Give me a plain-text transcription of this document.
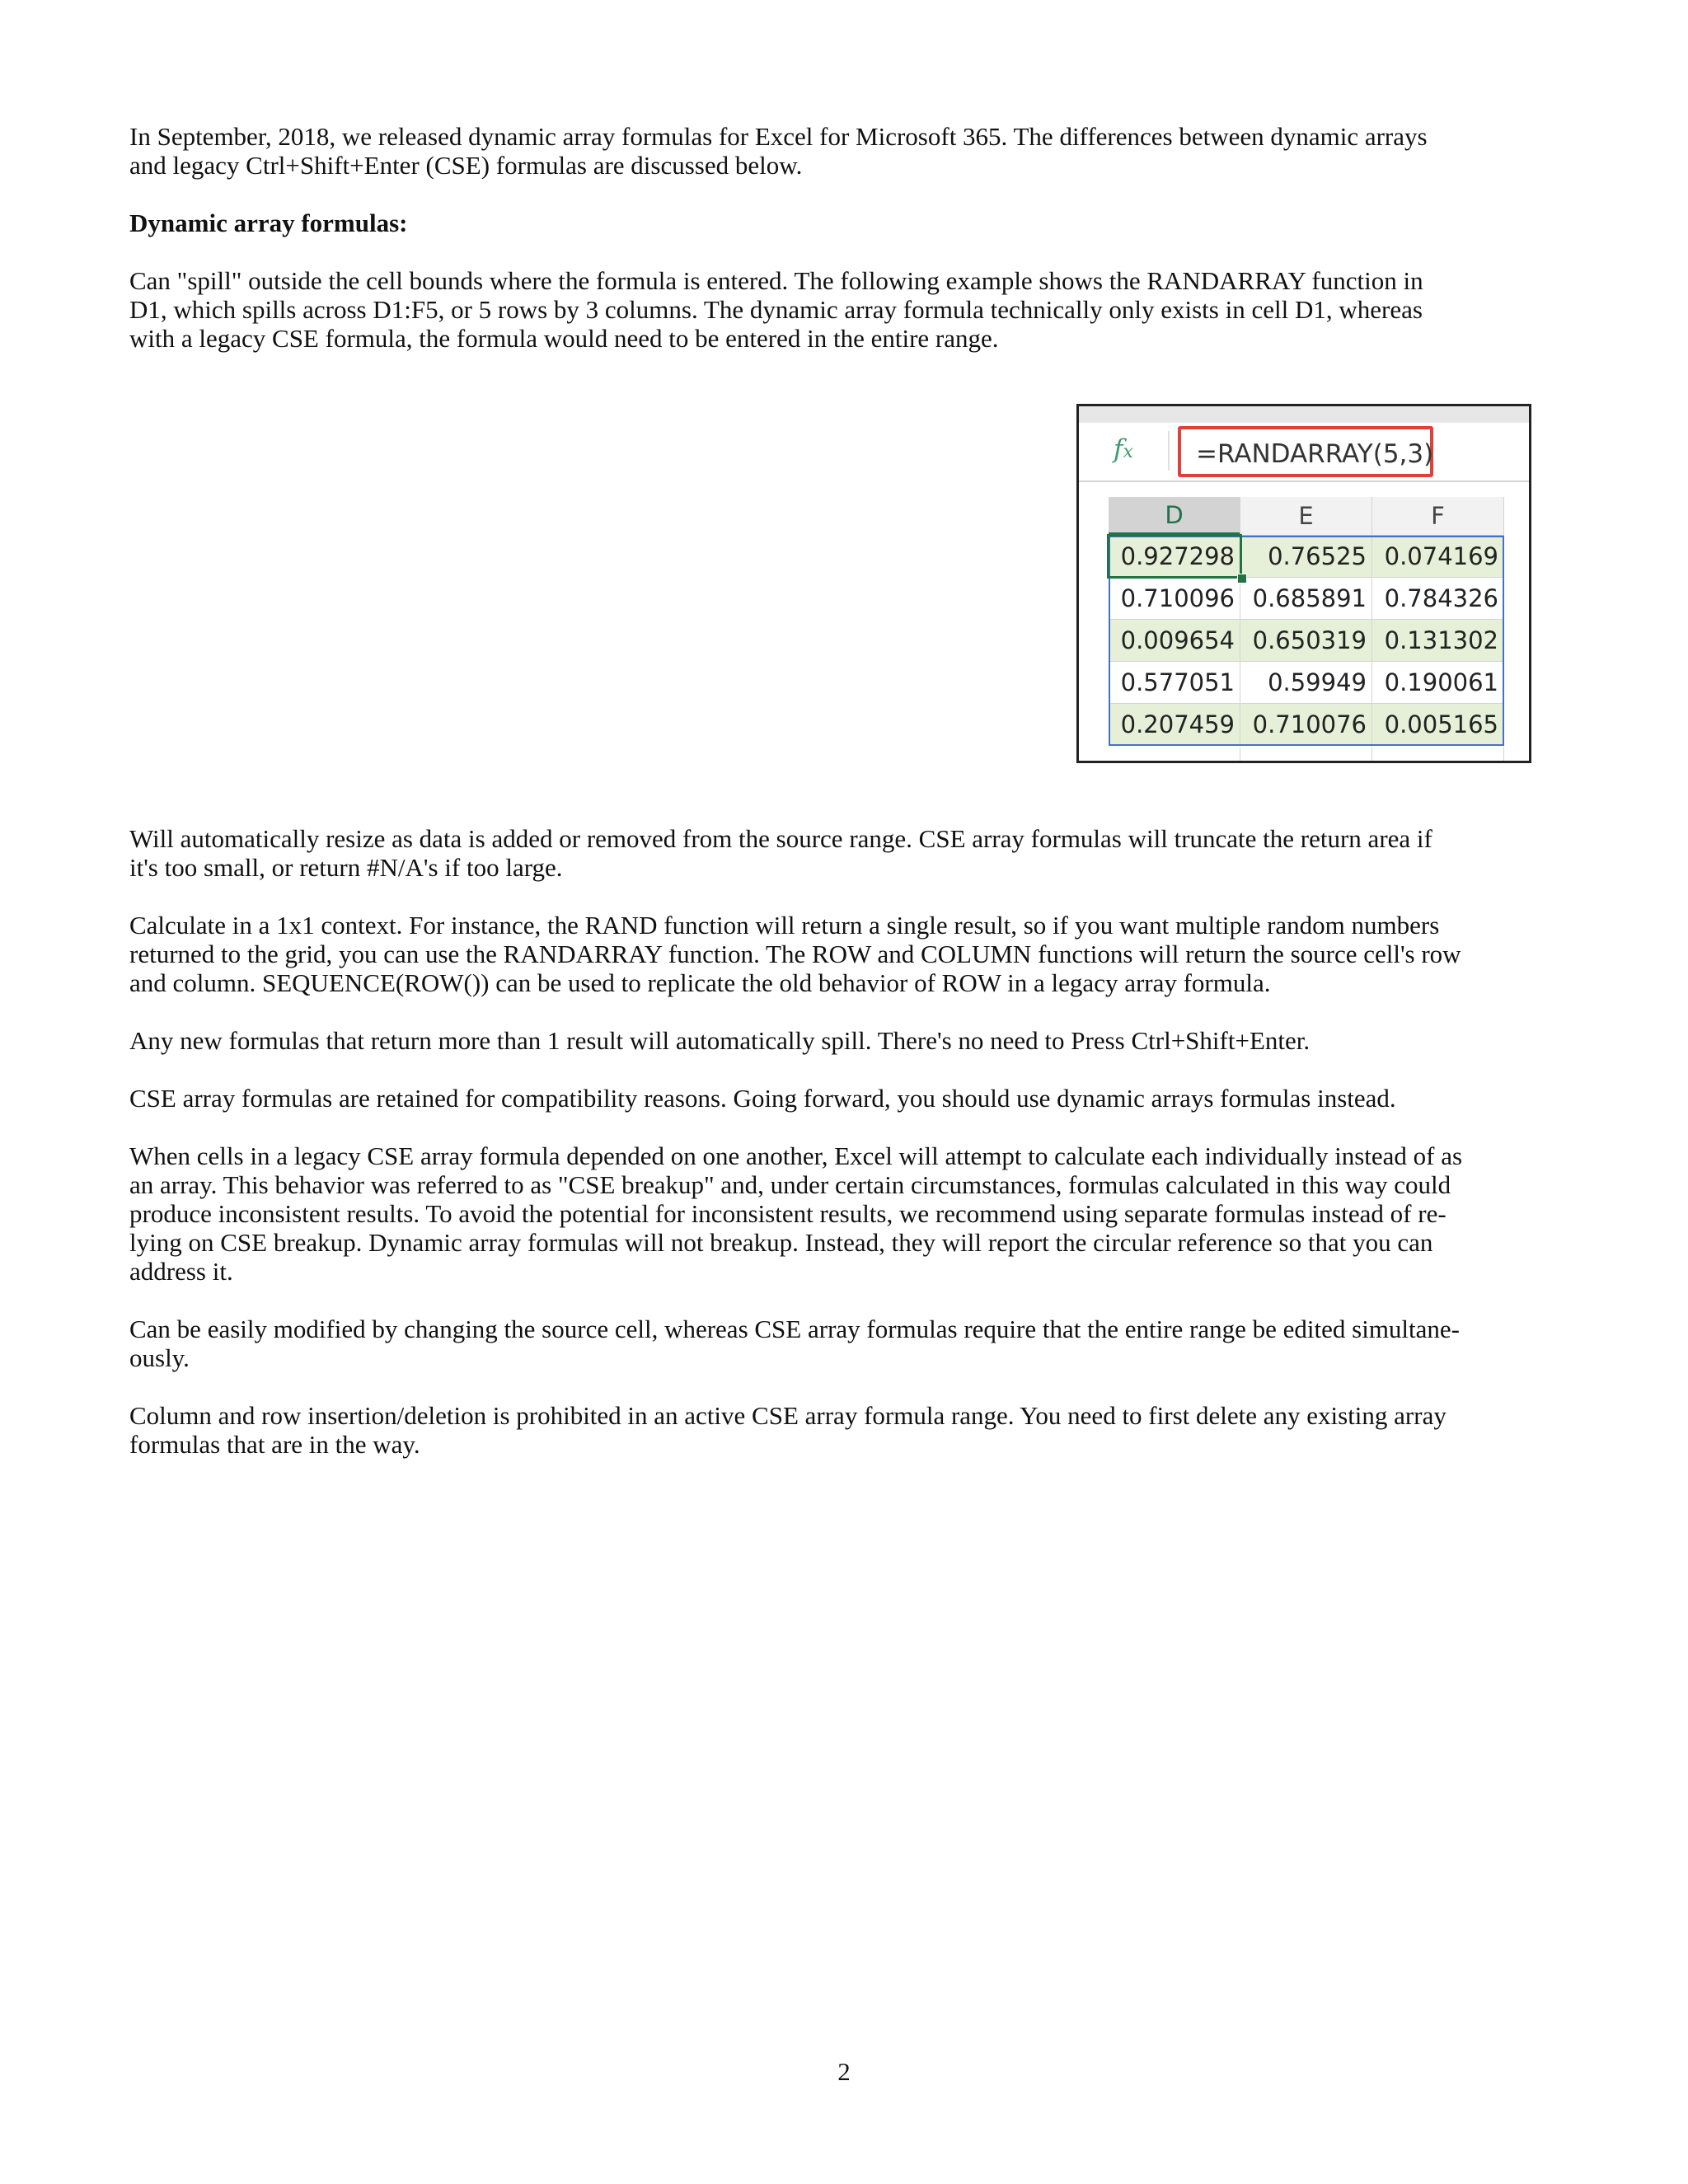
In September, 2018, we released dynamic array formulas for Excel for Microsoft 365. The differences between dynamic arrays

and legacy Ctrl+Shift+Enter (CSE) formulas are discussed below.

Dynamic array formulas:

Can "spill" outside the cell bounds where the formula is entered. The following example shows the RANDARRAY function in

D1, which spills across D1:F5, or 5 rows by 3 columns. The dynamic array formula technically only exists in cell D1, whereas

with a legacy CSE formula, the formula would need to be entered in the entire range.

fx =RANDARRAY(5,3)
D	E	F
0.927298	0.76525 0.074169
0.710096 0.685891 0.784326
0.009654 0.650319 0.131302
0.577051	0.59949 0.190061
0.207459 0.710076 0.005165

Will automatically resize as data is added or removed from the source range. CSE array formulas will truncate the return area if

it's too small, or return #N/A's if too large.

Calculate in a 1x1 context. For instance, the RAND function will return a single result, so if you want multiple random numbers

returned to the grid, you can use the RANDARRAY function. The ROW and COLUMN functions will return the source cell's row

and column. SEQUENCE(ROW()) can be used to replicate the old behavior of ROW in a legacy array formula.

Any new formulas that return more than 1 result will automatically spill. There's no need to Press Ctrl+Shift+Enter.

CSE array formulas are retained for compatibility reasons. Going forward, you should use dynamic arrays formulas instead.

When cells in a legacy CSE array formula depended on one another, Excel will attempt to calculate each individually instead of as

an array. This behavior was referred to as "CSE breakup" and, under certain circumstances, formulas calculated in this way could

produce inconsistent results. To avoid the potential for inconsistent results, we recommend using separate formulas instead of re-

lying on CSE breakup. Dynamic array formulas will not breakup. Instead, they will report the circular reference so that you can

address it.

Can be easily modified by changing the source cell, whereas CSE array formulas require that the entire range be edited simultane-

ously.

Column and row insertion/deletion is prohibited in an active CSE array formula range. You need to first delete any existing array

formulas that are in the way.

2
